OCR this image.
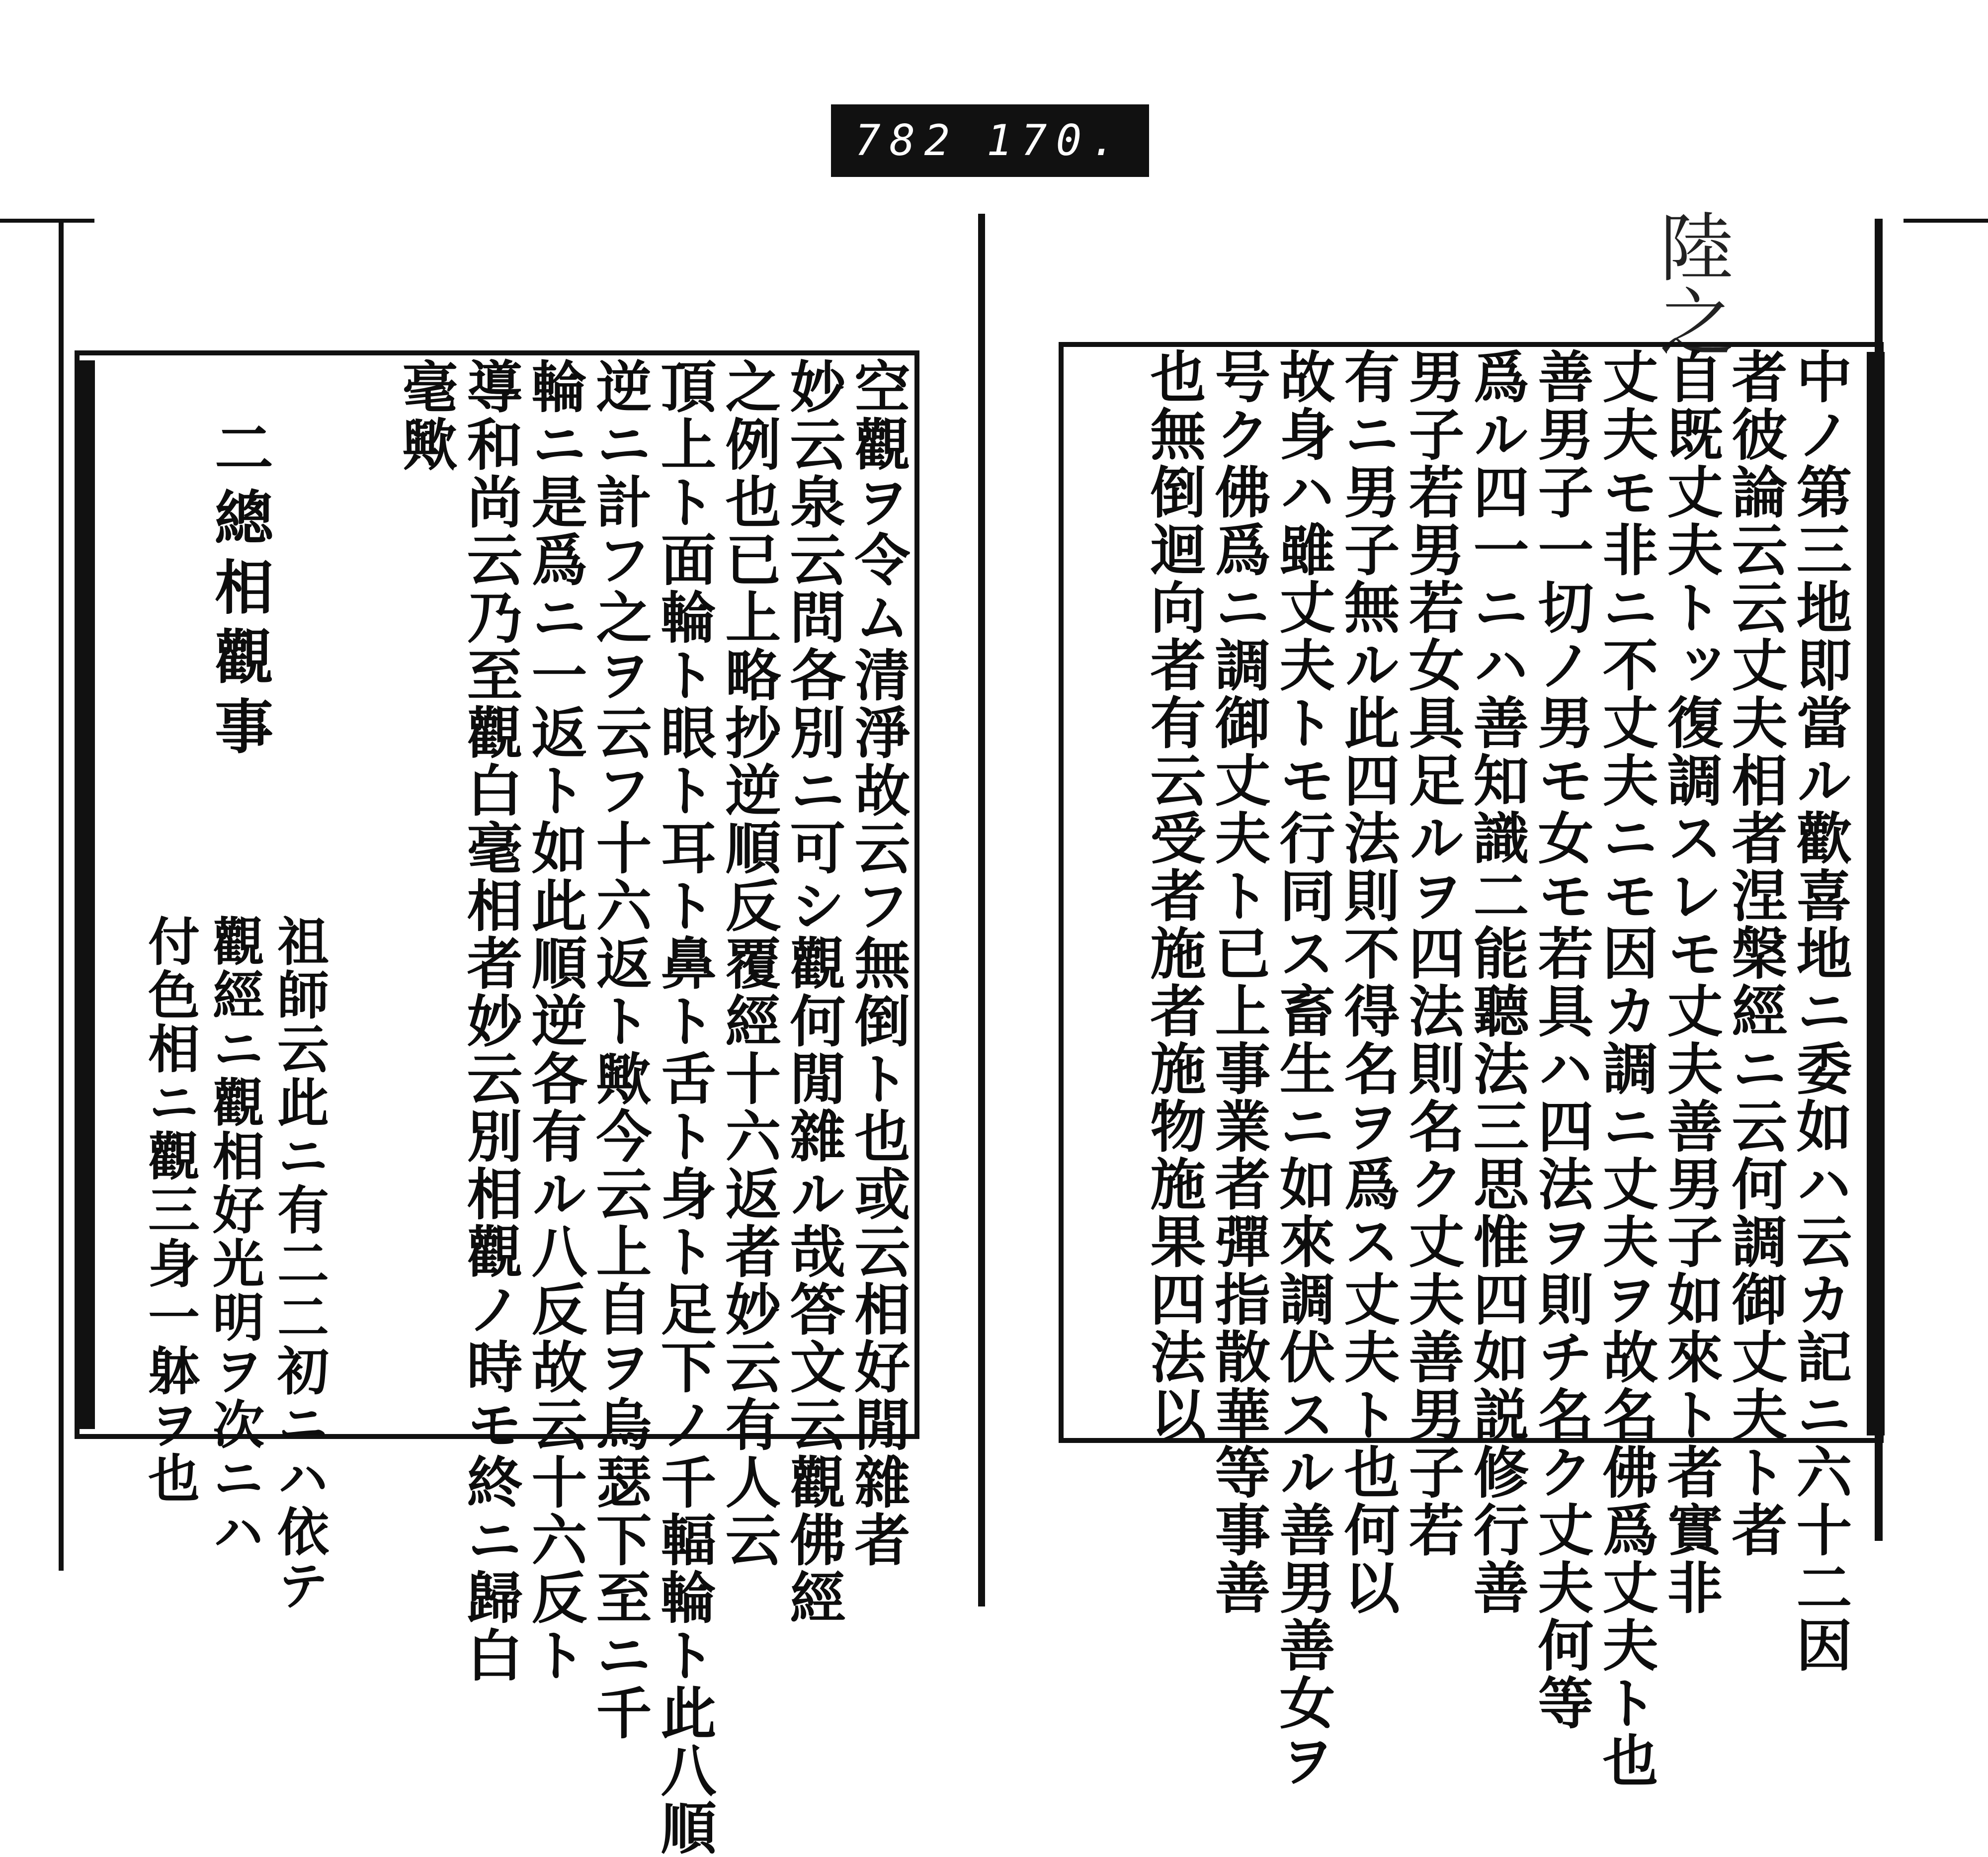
782 170.
陸之
中ノ第三地即當ル歡喜地ニ委如ハ云カ記ニ六十二因
者彼論云云丈夫相者涅槃經ニ云何調御丈夫ト者
自既丈夫トッ復調スレモ丈夫善男子如來ト者實非
丈夫モ非ニ不丈夫ニモ因カ調ニ丈夫ヲ故名佛爲丈夫ト也
善男子一切ノ男モ女モ若具ハ四法ヲ則チ名ク丈夫何等
爲ル四一ニハ善知識二能聽法三思惟四如説修行善
男子若男若女具足ルヲ四法則名ク丈夫善男子若
有ニ男子無ル此四法則不得名ヲ爲ス丈夫ト也何以
故身ハ雖丈夫トモ行同ス畜生ニ如來調伏スル善男善女ヲ
号ク佛爲ニ調御丈夫ト已上事業者彈指散華等事善
也無倒迴向者有云受者施者施物施果四法以
空觀ヲ令ム清淨故云フ無倒ト也或云相好閒雜者
妙云泉云問各別ニ可シ觀何閒雜ル哉答文云觀佛經
之例也已上略抄逆順反覆經十六返者妙云有人云
頂上ト面輪ト眼ト耳ト鼻ト舌ト身ト足下ノ千輻輪ト此八順
逆ニ計フ之ヲ云フ十六返ト歟今云上自ヲ烏瑟下至ニ千
輪ニ是爲ニ一返ト如此順逆各有ル八反故云十六反ト
導和尚云乃至觀白毫相者妙云別相觀ノ時モ終ニ歸白
毫歟
二總相觀事
祖師云此ニ有二二初ニハ依テ
觀經ニ觀相好光明ヲ次ニハ
付色相ニ觀三身一躰ヲ也
